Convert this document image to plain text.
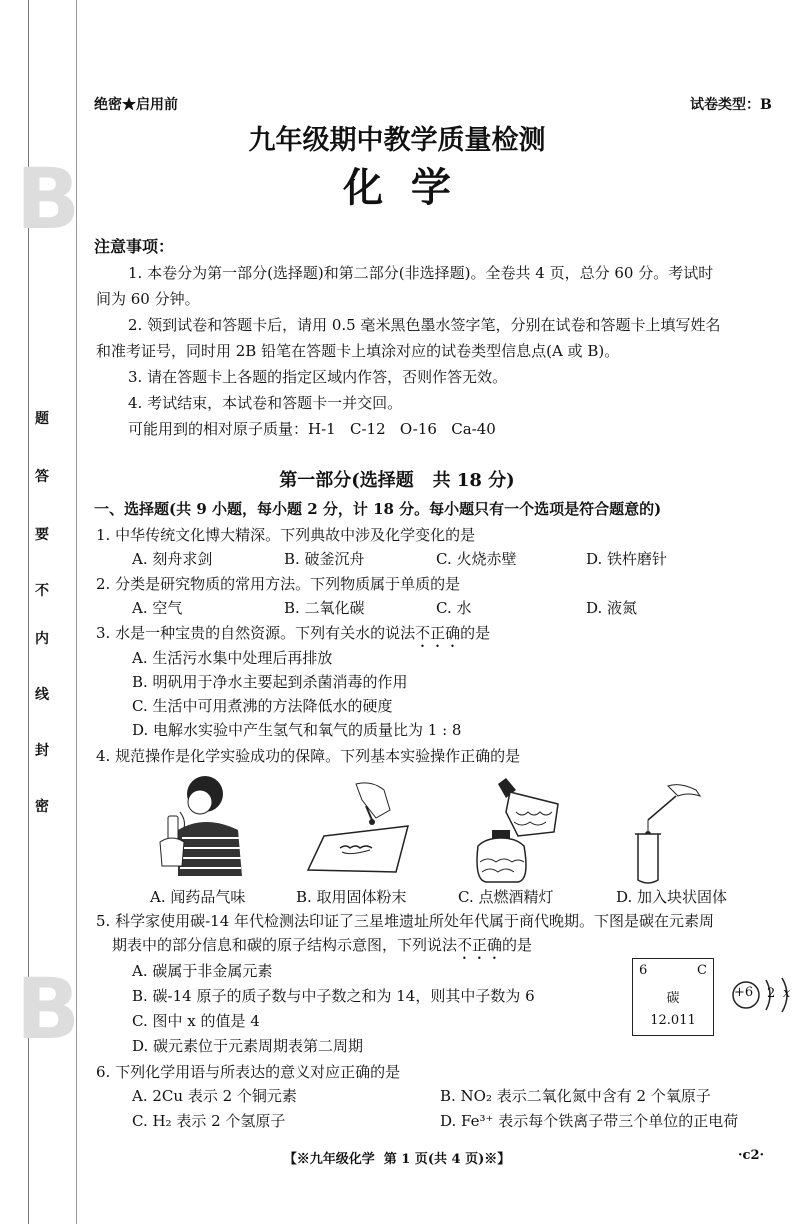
B
B
题
答
要
不
内
线
封
密
绝密★启用前	试卷类型：B
九年级期中教学质量检测
化  学
注意事项：
1. 本卷分为第一部分(选择题)和第二部分(非选择题)。全卷共 4 页，总分 60 分。考试时
间为 60 分钟。
2. 领到试卷和答题卡后，请用 0.5 毫米黑色墨水签字笔，分别在试卷和答题卡上填写姓名
和准考证号，同时用 2B 铅笔在答题卡上填涂对应的试卷类型信息点(A 或 B)。
3. 请在答题卡上各题的指定区域内作答，否则作答无效。
4. 考试结束，本试卷和答题卡一并交回。
可能用到的相对原子质量：H-1   C-12   O-16   Ca-40
第一部分(选择题   共 18 分)
一、选择题(共 9 小题，每小题 2 分，计 18 分。每小题只有一个选项是符合题意的)
1. 中华传统文化博大精深。下列典故中涉及化学变化的是
A. 刻舟求剑	B. 破釜沉舟	C. 火烧赤壁	D. 铁杵磨针
2. 分类是研究物质的常用方法。下列物质属于单质的是
A. 空气	B. 二氧化碳	C. 水	D. 液氮
3. 水是一种宝贵的自然资源。下列有关水的说法不正确的是
A. 生活污水集中处理后再排放
B. 明矾用于净水主要起到杀菌消毒的作用
C. 生活中可用煮沸的方法降低水的硬度
D. 电解水实验中产生氢气和氧气的质量比为 1 : 8
4. 规范操作是化学实验成功的保障。下列基本实验操作正确的是
A. 闻药品气味	B. 取用固体粉末	C. 点燃酒精灯	D. 加入块状固体
5. 科学家使用碳-14 年代检测法印证了三星堆遗址所处年代属于商代晚期。下图是碳在元素周
期表中的部分信息和碳的原子结构示意图，下列说法不正确的是
A. 碳属于非金属元素
B. 碳-14 原子的质子数与中子数之和为 14，则其中子数为 6
C. 图中 x 的值是 4
D. 碳元素位于元素周期表第二周期
6	C
碳
12.011
+6 2 x
6. 下列化学用语与所表达的意义对应正确的是
A. 2Cu 表示 2 个铜元素	B. NO₂ 表示二氧化氮中含有 2 个氧原子
C. H₂ 表示 2 个氢原子	D. Fe³⁺ 表示每个铁离子带三个单位的正电荷
【※九年级化学  第 1 页(共 4 页)※】	·c2·
